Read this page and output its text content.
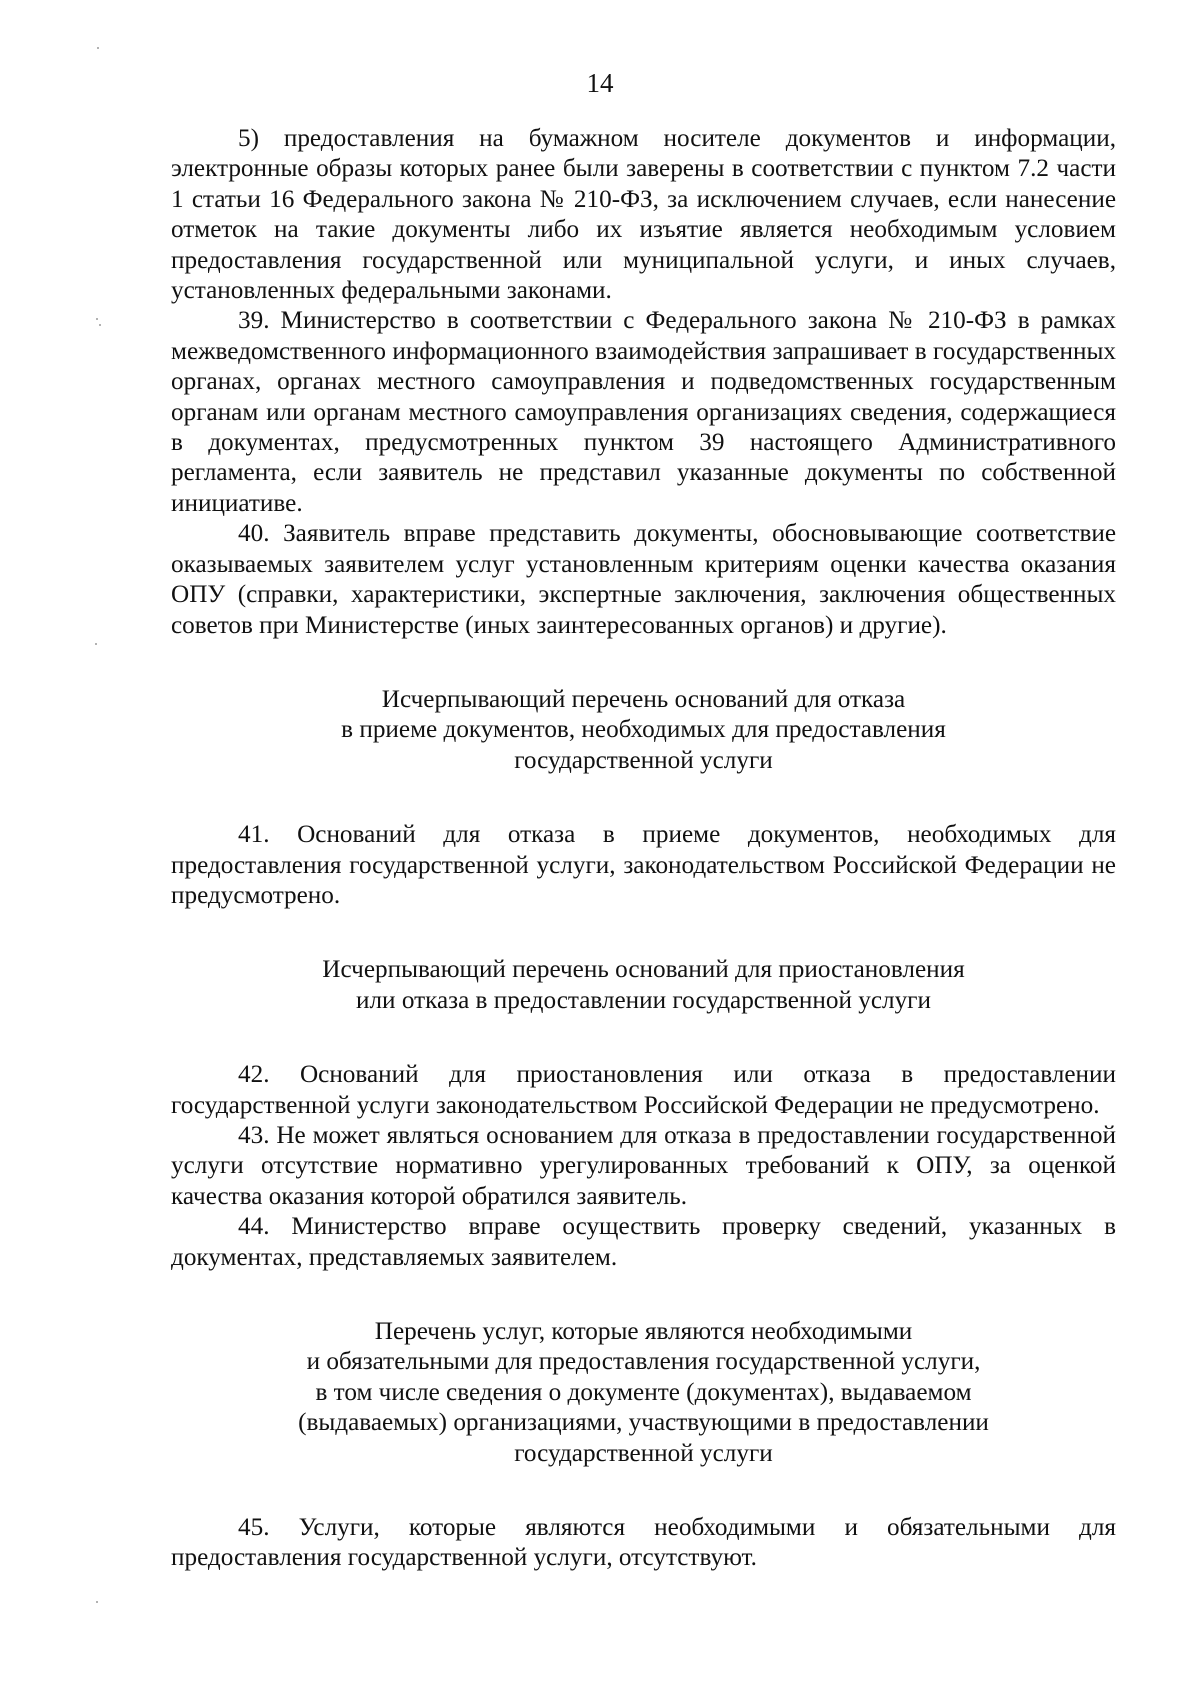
14

5) предоставления на бумажном носителе документов и информации, электронные образы которых ранее были заверены в соответствии с пунктом 7.2 части 1 статьи 16 Федерального закона № 210-ФЗ, за исключением случаев, если нанесение отметок на такие документы либо их изъятие является необходимым условием предоставления государственной или муниципальной услуги, и иных случаев, установленных федеральными законами.

39. Министерство в соответствии с Федерального закона № 210-ФЗ в рамках межведомственного информационного взаимодействия запрашивает в государственных органах, органах местного самоуправления и подведомственных государственным органам или органам местного самоуправления организациях сведения, содержащиеся в документах, предусмотренных пунктом 39 настоящего Административного регламента, если заявитель не представил указанные документы по собственной инициативе.

40. Заявитель вправе представить документы, обосновывающие соответствие оказываемых заявителем услуг установленным критериям оценки качества оказания ОПУ (справки, характеристики, экспертные заключения, заключения общественных советов при Министерстве (иных заинтересованных органов) и другие).

Исчерпывающий перечень оснований для отказа
в приеме документов, необходимых для предоставления
государственной услуги

41. Оснований для отказа в приеме документов, необходимых для предоставления государственной услуги, законодательством Российской Федерации не предусмотрено.

Исчерпывающий перечень оснований для приостановления
или отказа в предоставлении государственной услуги

42. Оснований для приостановления или отказа в предоставлении государственной услуги законодательством Российской Федерации не предусмотрено.

43. Не может являться основанием для отказа в предоставлении государственной услуги отсутствие нормативно урегулированных требований к ОПУ, за оценкой качества оказания которой обратился заявитель.

44. Министерство вправе осуществить проверку сведений, указанных в документах, представляемых заявителем.

Перечень услуг, которые являются необходимыми
и обязательными для предоставления государственной услуги,
в том числе сведения о документе (документах), выдаваемом
(выдаваемых) организациями, участвующими в предоставлении
государственной услуги

45. Услуги, которые являются необходимыми и обязательными для предоставления государственной услуги, отсутствуют.
